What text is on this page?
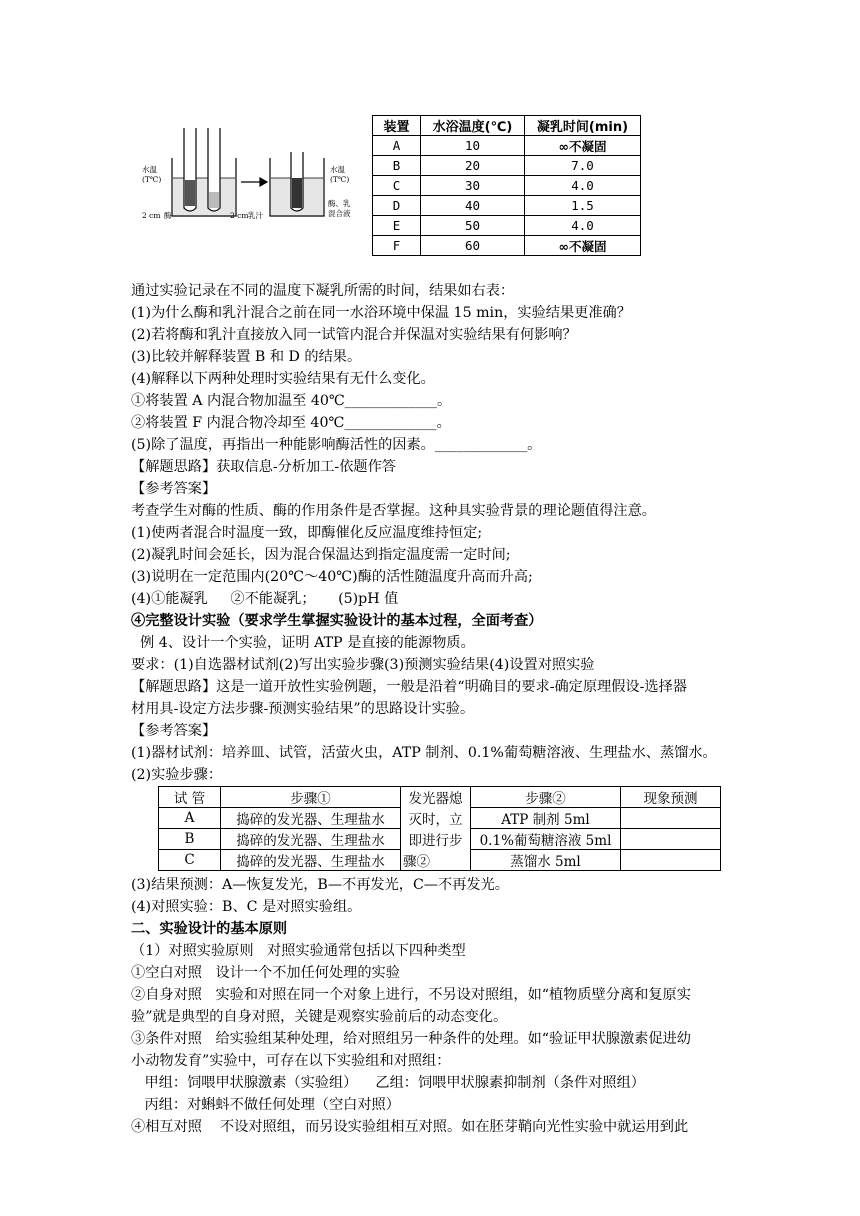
水温
(T℃)
2 cm 酶	2 cm 乳汁
水温
(T℃)
酶、乳
混合液
装置	水浴温度(℃)	凝乳时间(min)
A	10	∞不凝固
B	20	7.0
C	30	4.0
D	40	1.5
E	50	4.0
F	60	∞不凝固
通过实验记录在不同的温度下凝乳所需的时间，结果如右表：
(1)为什么酶和乳汁混合之前在同一水浴环境中保温 15 min，实验结果更准确？
(2)若将酶和乳汁直接放入同一试管内混合并保温对实验结果有何影响？
(3)比较并解释装置 B 和 D 的结果。
(4)解释以下两种处理时实验结果有无什么变化。
①将装置 A 内混合物加温至 40℃_____________。
②将装置 F 内混合物冷却至 40℃_____________。
(5)除了温度，再指出一种能影响酶活性的因素。_____________。
【解题思路】获取信息-分析加工-依题作答
【参考答案】
考查学生对酶的性质、酶的作用条件是否掌握。这种具实验背景的理论题值得注意。
(1)使两者混合时温度一致，即酶催化反应温度维持恒定;
(2)凝乳时间会延长，因为混合保温达到指定温度需一定时间;
(3)说明在一定范围内(20℃～40℃)酶的活性随温度升高而升高;
(4)①能凝乳     ②不能凝乳；     (5)pH 值
④完整设计实验（要求学生掌握实验设计的基本过程，全面考查）
例 4、设计一个实验，证明 ATP 是直接的能源物质。
要求：(1)自选器材试剂(2)写出实验步骤(3)预测实验结果(4)设置对照实验
【解题思路】这是一道开放性实验例题，一般是沿着“明确目的要求-确定原理假设-选择器
材用具-设定方法步骤-预测实验结果”的思路设计实验。
【参考答案】
(1)器材试剂：培养皿、试管，活萤火虫，ATP 制剂、0.1%葡萄糖溶液、生理盐水、蒸馏水。
(2)实验步骤：
试 管	步骤①	发光器熄	步骤②	现象预测
A	捣碎的发光器、生理盐水	灭时，立	ATP 制剂 5ml	
B	捣碎的发光器、生理盐水	即进行步	0.1%葡萄糖溶液 5ml	
C	捣碎的发光器、生理盐水	骤②	蒸馏水 5ml	
(3)结果预测：A—恢复发光，B—不再发光，C—不再发光。
(4)对照实验：B、C 是对照实验组。
二、实验设计的基本原则
（1）对照实验原则   对照实验通常包括以下四种类型
①空白对照   设计一个不加任何处理的实验
②自身对照   实验和对照在同一个对象上进行，不另设对照组，如“植物质壁分离和复原实
验”就是典型的自身对照，关键是观察实验前后的动态变化。
③条件对照   给实验组某种处理，给对照组另一种条件的处理。如“验证甲状腺激素促进幼
小动物发育”实验中，可存在以下实验组和对照组：
甲组：饲喂甲状腺激素（实验组）    乙组：饲喂甲状腺素抑制剂（条件对照组）
丙组：对蝌蚪不做任何处理（空白对照）
④相互对照    不设对照组，而另设实验组相互对照。如在胚芽鞘向光性实验中就运用到此
